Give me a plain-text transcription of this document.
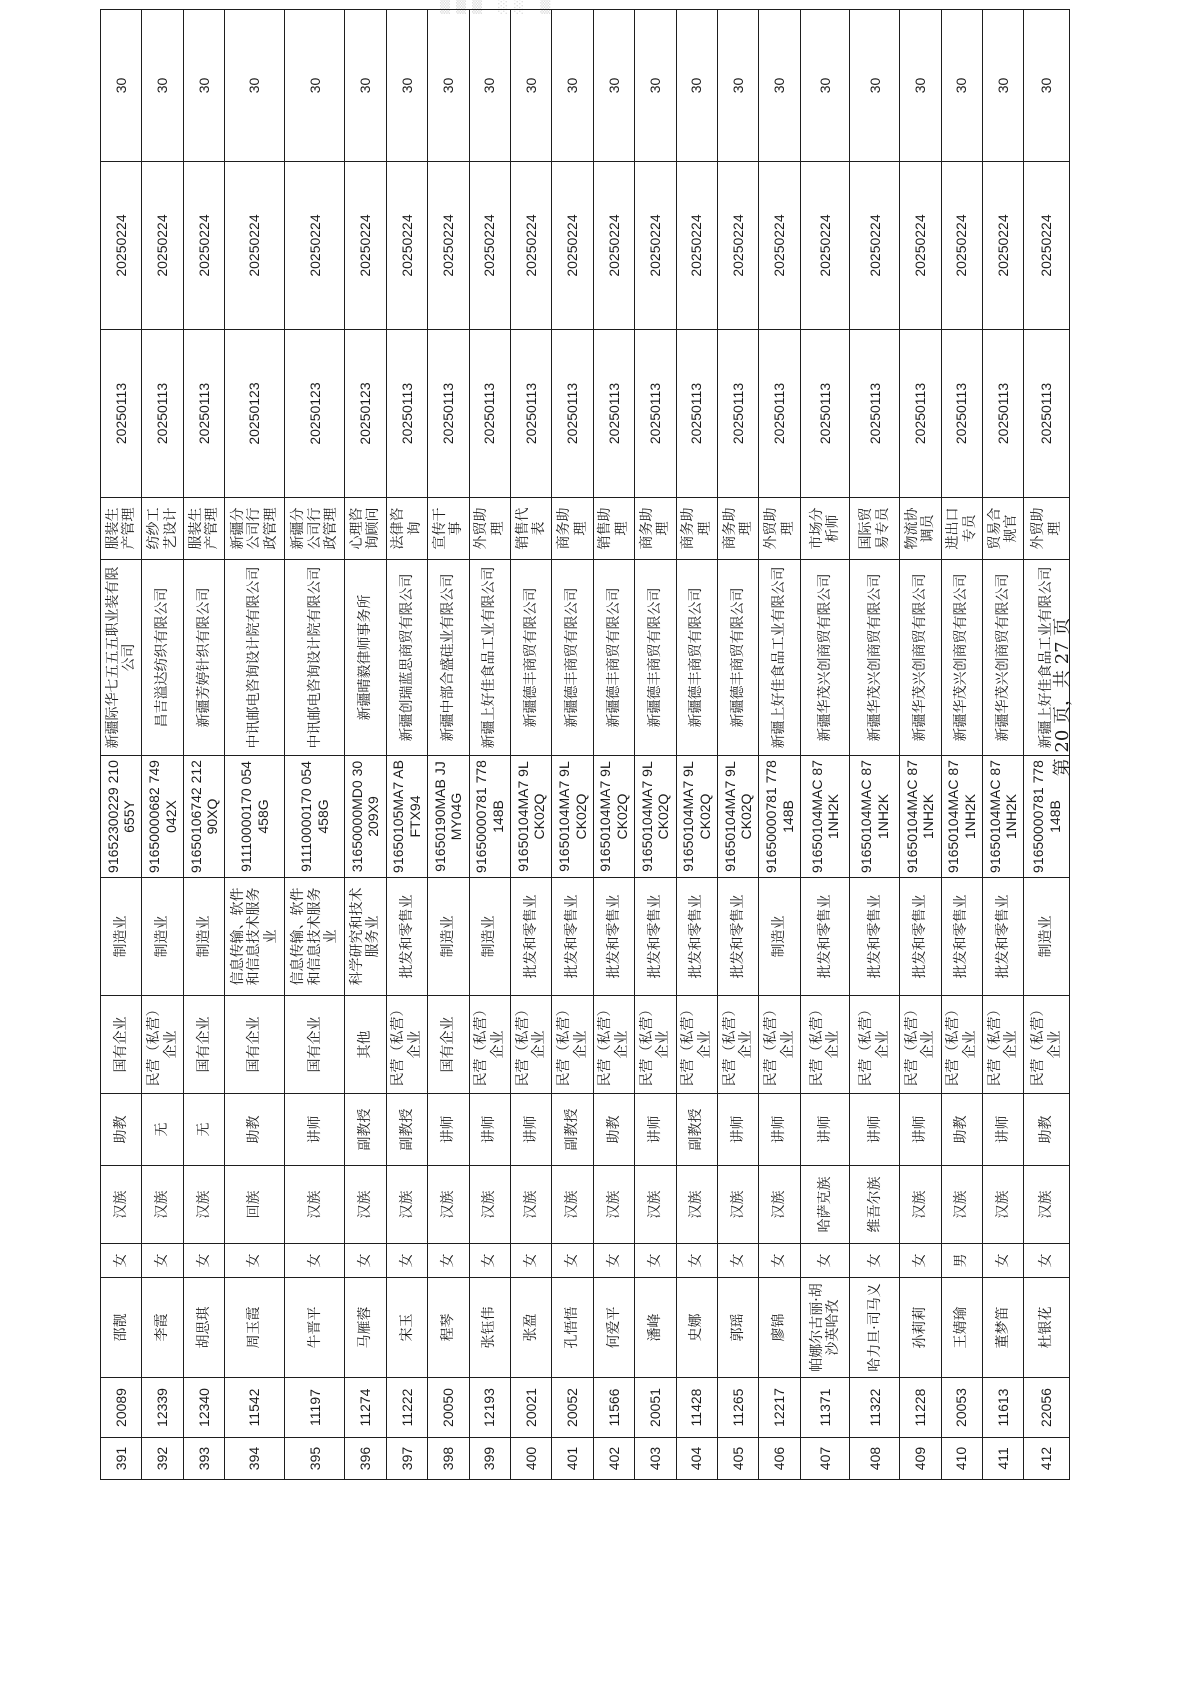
▒▒▒ ░░ ▒
391	20089	邵靓	女	汉族	助教	国有企业	制造业	91652300229 210655Y	新疆际华七五五五职业装有限公司	服装生产管理	20250113	20250224	30
392	12339	李霞	女	汉族	无	民营（私营）企业	制造业	91650000682 749042X	昌吉溢达纺织有限公司	纺纱工艺设计	20250113	20250224	30
393	12340	胡思琪	女	汉族	无	国有企业	制造业	91650106742 21290XQ	新疆芳婷针织有限公司	服装生产管理	20250113	20250224	30
394	11542	周玉霞	女	回族	助教	国有企业	信息传输、软件和信息技术服务业	91110000170 054458G	中讯邮电咨询设计院有限公司	新疆分公司行政管理	20250123	20250224	30
395	11197	牛晋平	女	汉族	讲师	国有企业	信息传输、软件和信息技术服务业	91110000170 054458G	中讯邮电咨询设计院有限公司	新疆分公司行政管理	20250123	20250224	30
396	11274	马雁蓉	女	汉族	副教授	其他	科学研究和技术服务业	31650000MD0 30209X9	新疆晴毅律师事务所	心理咨询顾问	20250123	20250224	30
397	11222	宋玉	女	汉族	副教授	民营（私营）企业	批发和零售业	91650105MA7 ABFTX94	新疆创瑞蓝思商贸有限公司	法律咨询	20250113	20250224	30
398	20050	程琴	女	汉族	讲师	国有企业	制造业	91650190MAB JJMY04G	新疆中部合盛硅业有限公司	宣传干事	20250113	20250224	30
399	12193	张钰伟	女	汉族	讲师	民营（私营）企业	制造业	91650000781 778148B	新疆上好佳食品工业有限公司	外贸助理	20250113	20250224	30
400	20021	张盈	女	汉族	讲师	民营（私营）企业	批发和零售业	91650104MA7 9LCK02Q	新疆德丰商贸有限公司	销售代表	20250113	20250224	30
401	20052	孔悟悟	女	汉族	副教授	民营（私营）企业	批发和零售业	91650104MA7 9LCK02Q	新疆德丰商贸有限公司	商务助理	20250113	20250224	30
402	11566	何爱平	女	汉族	助教	民营（私营）企业	批发和零售业	91650104MA7 9LCK02Q	新疆德丰商贸有限公司	销售助理	20250113	20250224	30
403	20051	潘峰	女	汉族	讲师	民营（私营）企业	批发和零售业	91650104MA7 9LCK02Q	新疆德丰商贸有限公司	商务助理	20250113	20250224	30
404	11428	史娜	女	汉族	副教授	民营（私营）企业	批发和零售业	91650104MA7 9LCK02Q	新疆德丰商贸有限公司	商务助理	20250113	20250224	30
405	11265	郭瑶	女	汉族	讲师	民营（私营）企业	批发和零售业	91650104MA7 9LCK02Q	新疆德丰商贸有限公司	商务助理	20250113	20250224	30
406	12217	廖锦	女	汉族	讲师	民营（私营）企业	制造业	91650000781 778148B	新疆上好佳食品工业有限公司	外贸助理	20250113	20250224	30
407	11371	帕娜尔古丽·胡沙英哈孜	女	哈萨克族	讲师	民营（私营）企业	批发和零售业	91650104MAC 871NH2K	新疆华茂兴创商贸有限公司	市场分析师	20250113	20250224	30
408	11322	哈力旦·司马义	女	维吾尔族	讲师	民营（私营）企业	批发和零售业	91650104MAC 871NH2K	新疆华茂兴创商贸有限公司	国际贸易专员	20250113	20250224	30
409	11228	孙莉莉	女	汉族	讲师	民营（私营）企业	批发和零售业	91650104MAC 871NH2K	新疆华茂兴创商贸有限公司	物流协调员	20250113	20250224	30
410	20053	王婧瑜	男	汉族	助教	民营（私营）企业	批发和零售业	91650104MAC 871NH2K	新疆华茂兴创商贸有限公司	进出口专员	20250113	20250224	30
411	11613	董梦笛	女	汉族	讲师	民营（私营）企业	批发和零售业	91650104MAC 871NH2K	新疆华茂兴创商贸有限公司	贸易合规官	20250113	20250224	30
412	22056	杜银花	女	汉族	助教	民营（私营）企业	制造业	91650000781 778148B	新疆上好佳食品工业有限公司	外贸助理	20250113	20250224	30
第 20 页，共 27 页
